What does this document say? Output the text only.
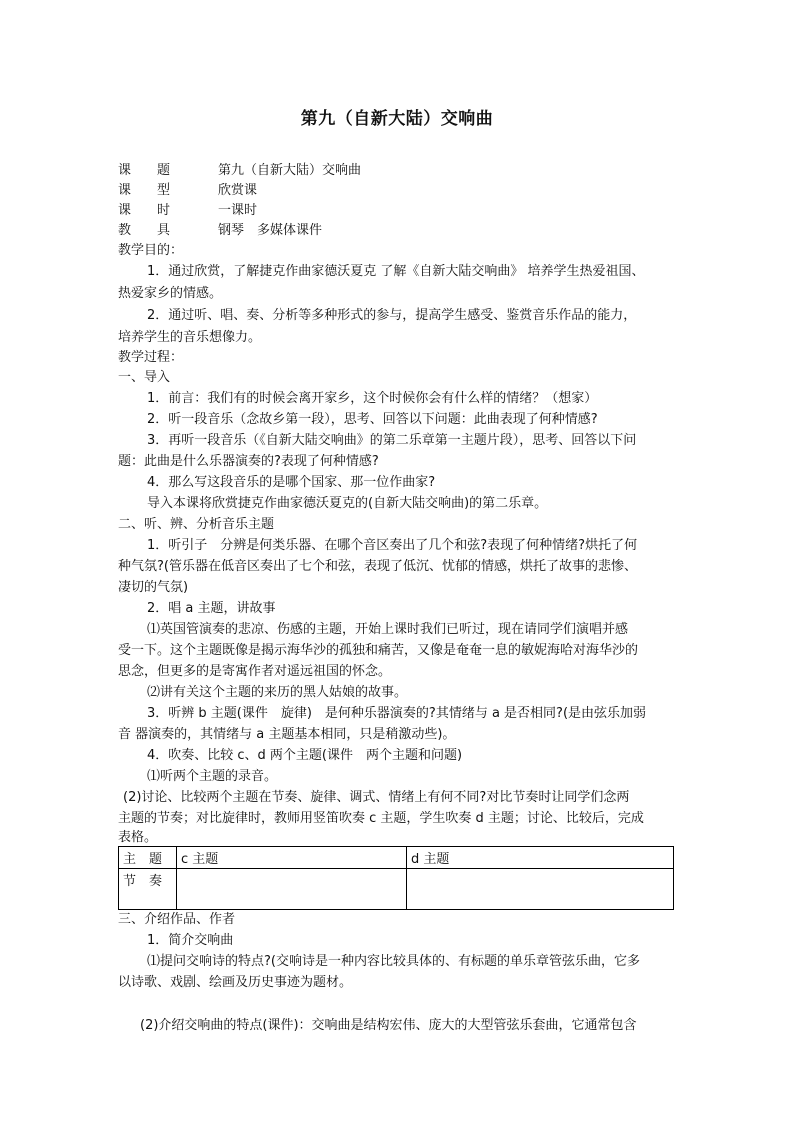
第九（自新大陆）交响曲
课　　题	第九（自新大陆）交响曲
课　　型	欣赏课
课　　时	一课时
教　　具	钢琴　多媒体课件
教学目的：
1．通过欣赏，了解捷克作曲家德沃夏克 了解《自新大陆交响曲》 培养学生热爱祖国、
热爱家乡的情感。
2．通过听、唱、奏、分析等多种形式的参与，提高学生感受、鉴赏音乐作品的能力，
培养学生的音乐想像力。
教学过程：
一、导入
1．前言：我们有的时候会离开家乡，这个时候你会有什么样的情绪？（想家）
2．听一段音乐（念故乡第一段），思考、回答以下问题：此曲表现了何种情感?
3．再听一段音乐（《自新大陆交响曲》的第二乐章第一主题片段），思考、回答以下问
题：此曲是什么乐器演奏的?表现了何种情感?
4．那么写这段音乐的是哪个国家、那一位作曲家?
导入本课将欣赏捷克作曲家德沃夏克的(自新大陆交响曲)的第二乐章。
二、听、辨、分析音乐主题
1．听引子　分辨是何类乐器、在哪个音区奏出了几个和弦?表现了何种情绪?烘托了何
种气氛?(管乐器在低音区奏出了七个和弦，表现了低沉、忧郁的情感，烘托了故事的悲惨、
凄切的气氛)
2．唱 a 主题，讲故事
⑴英国管演奏的悲凉、伤感的主题，开始上课时我们已听过，现在请同学们演唱并感
受一下。这个主题既像是揭示海华沙的孤独和痛苦，又像是奄奄一息的敏妮海哈对海华沙的
思念，但更多的是寄寓作者对遥远祖国的怀念。
⑵讲有关这个主题的来历的黑人姑娘的故事。
3．听辨 b 主题(课件　旋律)　是何种乐器演奏的?其情绪与 a 是否相同?(是由弦乐加弱
音 器演奏的，其情绪与 a 主题基本相同，只是稍激动些)。
4．吹奏、比较 c、d 两个主题(课件　两个主题和问题)
⑴听两个主题的录音。
(2)讨论、比较两个主题在节奏、旋律、调式、情绪上有何不同?对比节奏时让同学们念两
主题的节奏；对比旋律时，教师用竖笛吹奏 c 主题，学生吹奏 d 主题；讨论、比较后，完成
表格。
主　题	c 主题	d 主题
节　奏		
三、介绍作品、作者
1．简介交响曲
⑴提问交响诗的特点?(交响诗是一种内容比较具体的、有标题的单乐章管弦乐曲，它多
以诗歌、戏剧、绘画及历史事迹为题材。
(2)介绍交响曲的特点(课件)：交响曲是结构宏伟、庞大的大型管弦乐套曲，它通常包含
